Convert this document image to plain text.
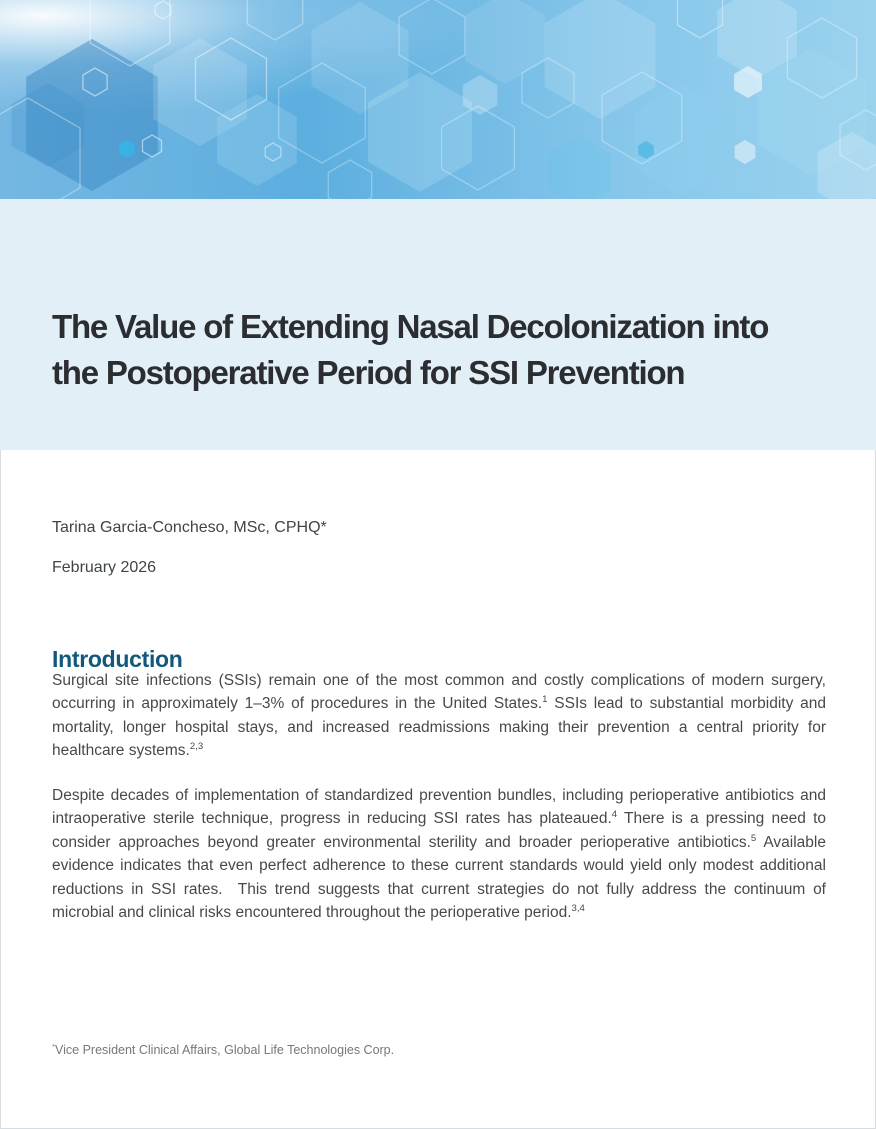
The Value of Extending Nasal Decolonization into
the Postoperative Period for SSI Prevention
Tarina Garcia-Concheso, MSc, CPHQ*
February 2026
Introduction

Surgical site infections (SSIs) remain one of the most common and costly complications of modern surgery, occurring in approximately 1–3% of procedures in the United States.$^1$ SSIs lead to substantial morbidity and mortality, longer hospital stays, and increased readmissions making their prevention a central priority for healthcare systems.$^{2,3}$

Despite decades of implementation of standardized prevention bundles, including perioperative antibiotics and intraoperative sterile technique, progress in reducing SSI rates has plateaued.$^4$ There is a pressing need to consider approaches beyond greater environmental sterility and broader perioperative antibiotics.$^5$ Available evidence indicates that even perfect adherence to these current standards would yield only modest additional reductions in SSI rates.  This trend suggests that current strategies do not fully address the continuum of microbial and clinical risks encountered throughout the perioperative period.$^{3,4}$

*Vice President Clinical Affairs, Global Life Technologies Corp.
